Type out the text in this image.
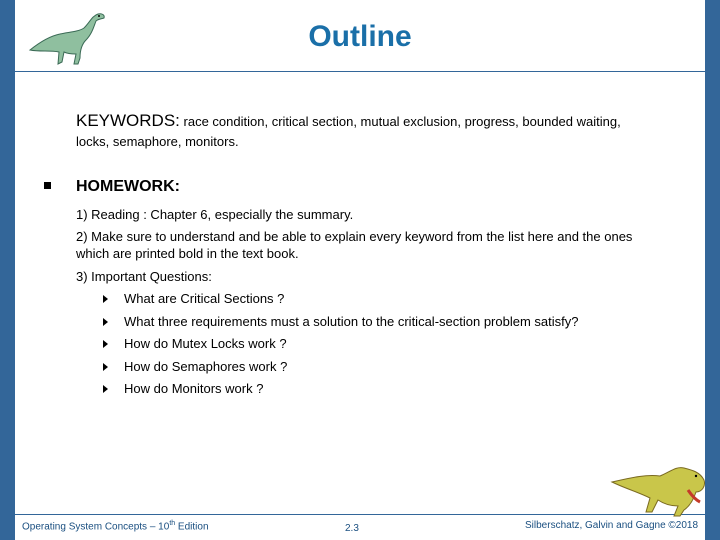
Outline
KEYWORDS: race condition, critical section, mutual exclusion, progress, bounded waiting,
locks, semaphore, monitors.
HOMEWORK:
1) Reading : Chapter 6, especially the summary.
2) Make sure to understand and be able to explain every keyword from the list here and the ones
which are printed bold in the text book.
3) Important Questions:
What are Critical Sections ?
What three requirements must a solution to the critical-section problem satisfy?
How do Mutex Locks work ?
How do Semaphores work ?
How do Monitors work ?
Operating System Concepts – 10th Edition	2.3	Silberschatz, Galvin and Gagne ©2018
